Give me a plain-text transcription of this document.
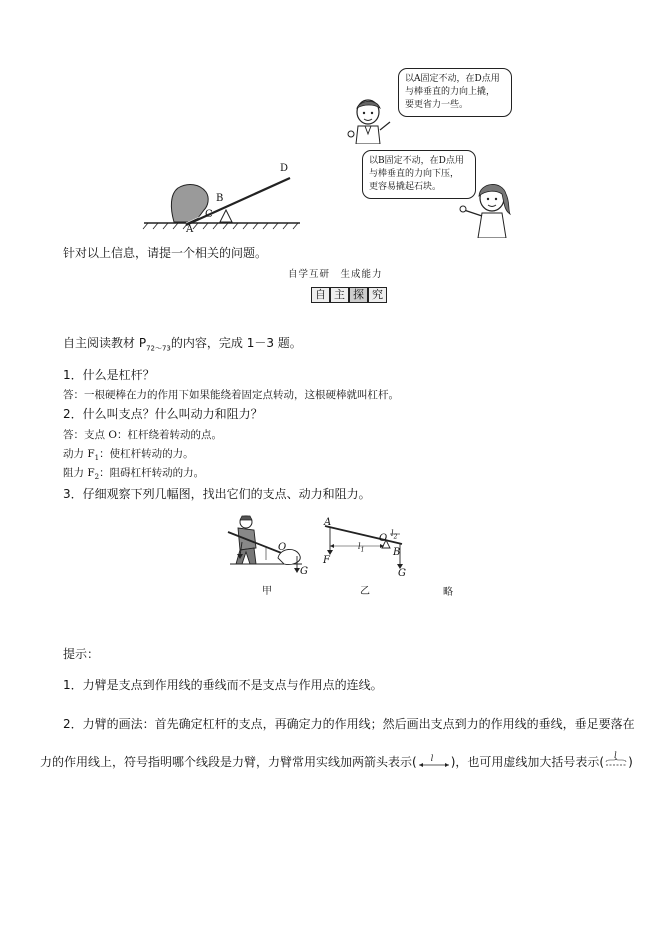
A
C
B
D
以A固定不动，在D点用
与棒垂直的力向上撬，
要更省力一些。
以B固定不动，在D点用
与棒垂直的力向下压，
更容易撬起石块。
针对以上信息，请提一个相关的问题。
自学互研　生成能力
自 主 探 究
自主阅读教材 $P_{72\sim 73}$的内容，完成 1－3 题。
1．什么是杠杆？
答：一根硬棒在力的作用下如果能绕着固定点转动，这根硬棒就叫杠杆。
2．什么叫支点？什么叫动力和阻力？
答：支点 O：杠杆绕着转动的点。
动力 $F_1$：使杠杆转动的力。
阻力 $F_2$：阻碍杠杆转动的力。
3．仔细观察下列几幅图，找出它们的支点、动力和阻力。
O
G
A
O
B
F
G
$l_1$
$l_2$
甲	乙	略
提示：
1．力臂是支点到作用线的垂线而不是支点与作用点的连线。
2．力臂的画法：首先确定杠杆的支点，再确定力的作用线；然后画出支点到力的作用线的垂线，垂足要落在
力的作用线上，符号指明哪个线段是力臂，力臂常用实线加两箭头表示( l )，也可用虚线加大括号表示( l )
